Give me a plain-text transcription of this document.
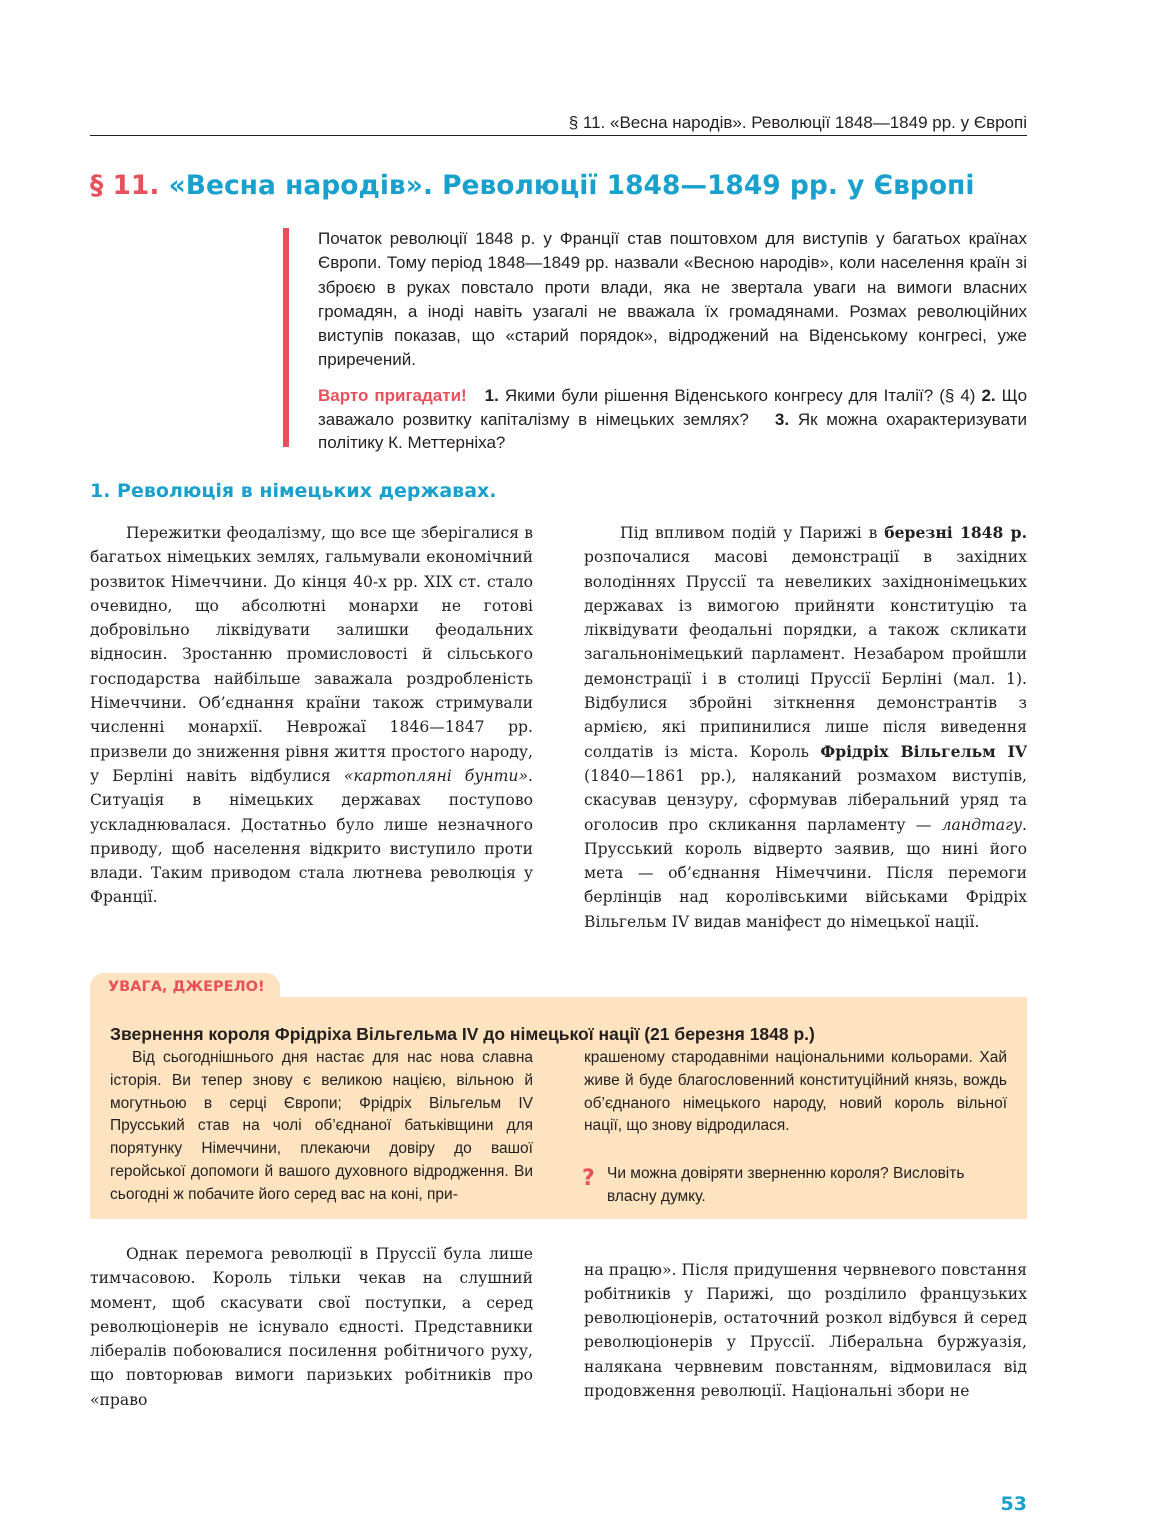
§ 11. «Весна народів». Революції 1848—1849 рр. у Європі
§ 11. «Весна народів». Революції 1848—1849 рр. у Європі
Початок революції 1848 р. у Франції став поштовхом для виступів у багатьох країнах Європи. Тому період 1848—1849 рр. назвали «Весною народів», коли населення країн зі зброєю в руках повстало проти влади, яка не звертала уваги на вимоги власних громадян, а іноді навіть узагалі не вважала їх громадянами. Розмах революційних виступів показав, що «старий порядок», відроджений на Віденському конгресі, уже приречений.
Варто пригадати! 1. Якими були рішення Віденського конгресу для Італії? (§ 4) 2. Що заважало розвитку капіталізму в німецьких землях? 3. Як можна охарактеризувати політику К. Меттерніха?
1. Революція в німецьких державах.

Пережитки феодалізму, що все ще зберігалися в багатьох німецьких землях, гальмували економічний розвиток Німеччини. До кінця 40-х рр. XIX ст. стало очевидно, що абсолютні монархи не готові добровільно ліквідувати залишки феодальних відносин. Зростанню промисловості й сільського господарства найбільше заважала роздробленість Німеччини. Об’єднання країни також стримували численні монархії. Неврожаї 1846—1847 рр. призвели до зниження рівня життя простого народу, у Берліні навіть відбулися «картопляні бунти». Ситуація в німецьких державах поступово ускладнювалася. Достатньо було лише незначного приводу, щоб населення відкрито виступило проти влади. Таким приводом стала лютнева революція у Франції.

Під впливом подій у Парижі в березні 1848 р. розпочалися масові демонстрації в західних володіннях Пруссії та невеликих західнонімецьких державах із вимогою прийняти конституцію та ліквідувати феодальні порядки, а також скликати загальнонімецький парламент. Незабаром пройшли демонстрації і в столиці Пруссії Берліні (мал. 1). Відбулися збройні зіткнення демонстрантів з армією, які припинилися лише після виведення солдатів із міста. Король Фрідріх Вільгельм IV (1840—1861 рр.), наляканий розмахом виступів, скасував цензуру, сформував ліберальний уряд та оголосив про скликання парламенту — ландтагу. Прусський король відверто заявив, що нині його мета — об’єднання Німеччини. Після перемоги берлінців над королівськими військами Фрідріх Вільгельм IV видав маніфест до німецької нації.

УВАГА, ДЖЕРЕЛО!
Звернення короля Фрідріха Вільгельма IV до німецької нації (21 березня 1848 р.)

Від сьогоднішнього дня настає для нас нова славна історія. Ви тепер знову є великою нацією, вільною й могутньою в серці Європи; Фрідріх Вільгельм IV Прусський став на чолі об’єднаної батьківщини для порятунку Німеччини, плекаючи довіру до вашої геройської допомоги й вашого духовного відродження. Ви сьогодні ж побачите його серед вас на коні, при-

крашеному стародавніми національними кольорами. Хай живе й буде благословенний конституційний князь, вождь об’єднаного німецького народу, новий король вільної нації, що знову відродилася.

? Чи можна довіряти зверненню короля? Висловіть власну думку.

Однак перемога революції в Пруссії була лише тимчасовою. Король тільки чекав на слушний момент, щоб скасувати свої поступки, а серед революціонерів не існувало єдності. Представники лібералів побоювалися посилення робітничого руху, що повторював вимоги паризьких робітників про «право

на працю». Після придушення червневого повстання робітників у Парижі, що розділило французьких революціонерів, остаточний розкол відбувся й серед революціонерів у Пруссії. Ліберальна буржуазія, налякана червневим повстанням, відмовилася від продовження революції. Національні збори не

53
